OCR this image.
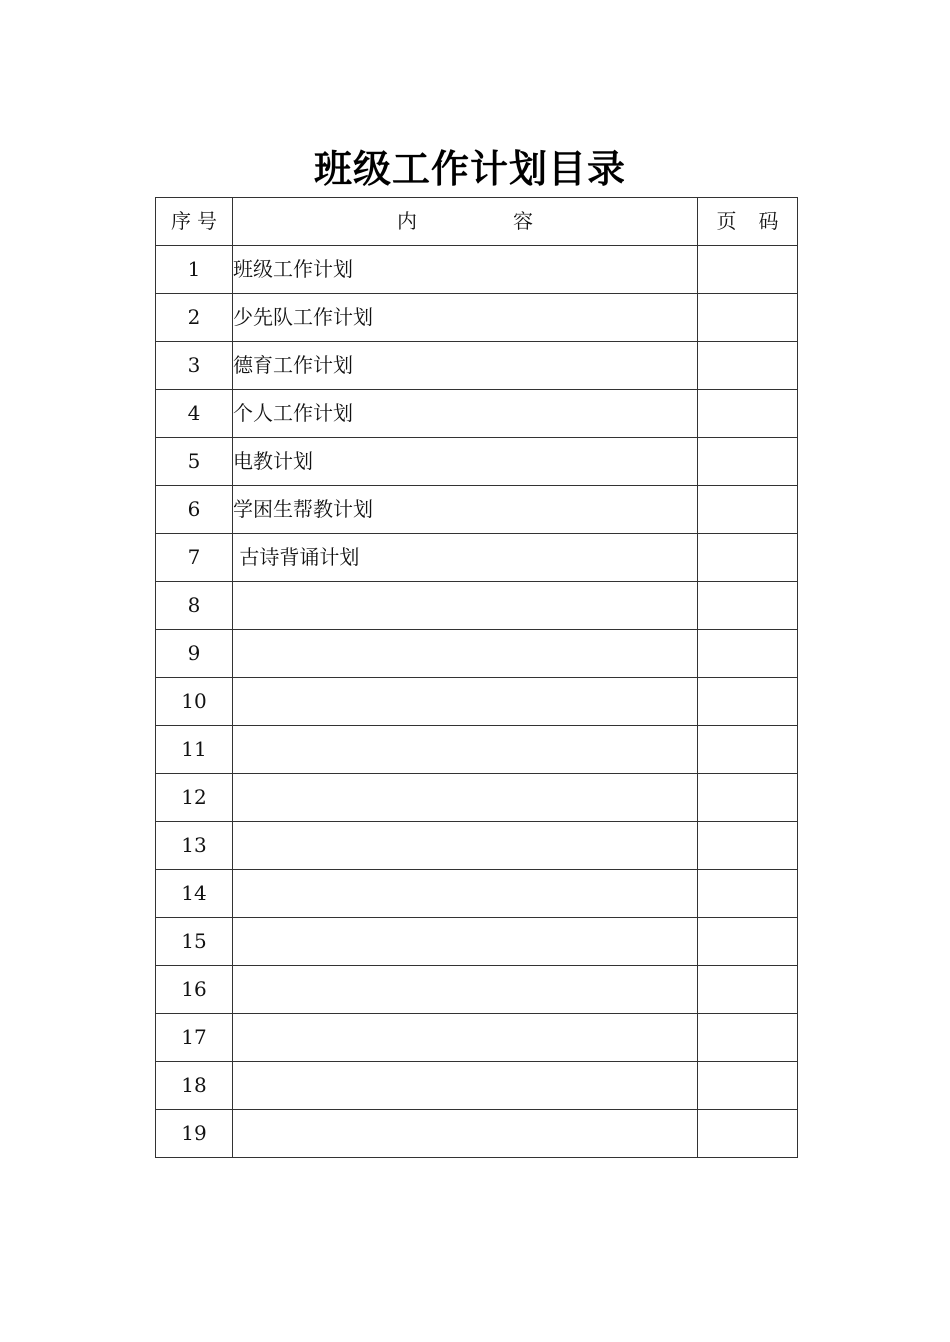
班级工作计划目录
序 号	内 容	页 码
1	班级工作计划	
2	少先队工作计划	
3	德育工作计划	
4	个人工作计划	
5	电教计划	
6	学困生帮教计划	
7	古诗背诵计划	
8		
9		
10		
11		
12		
13		
14		
15		
16		
17		
18		
19		
